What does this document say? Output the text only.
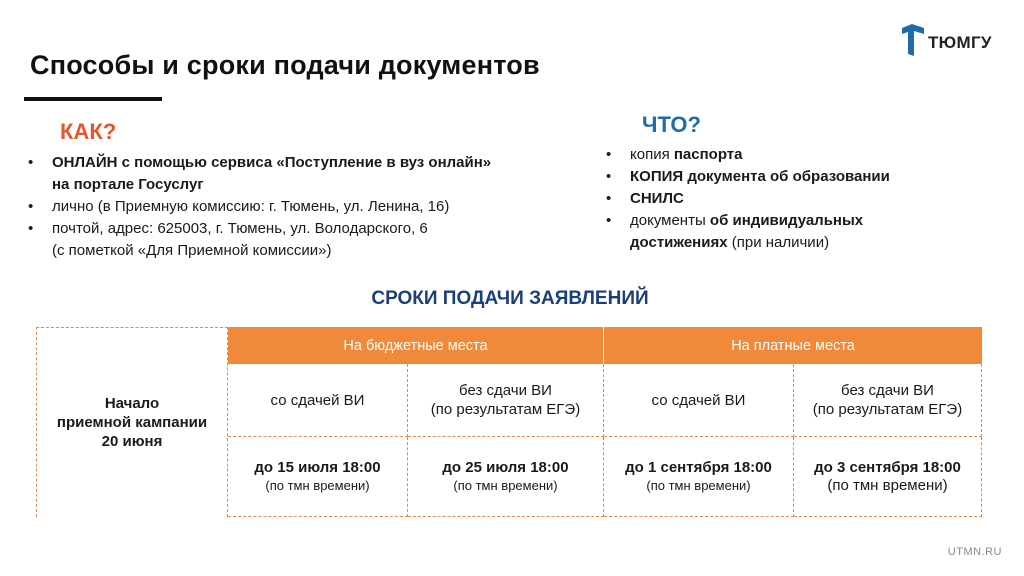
Способы и сроки подачи документов
ТЮМГУ
КАК?
• ОНЛАЙН с помощью сервиса «Поступление в вуз онлайн»
на портале Госуслуг
• лично (в Приемную комиссию: г. Тюмень, ул. Ленина, 16)
• почтой, адрес: 625003, г. Тюмень, ул. Володарского, 6
(с пометкой «Для Приемной комиссии»)
ЧТО?
• копия паспорта
• КОПИЯ документа об образовании
• СНИЛС
• документы об индивидуальных
достижениях (при наличии)
СРОКИ ПОДАЧИ ЗАЯВЛЕНИЙ
Начало
приемной кампании
20 июня
На бюджетные места	На платные места
со сдачей ВИ
без сдачи ВИ
(по результатам ЕГЭ)
со сдачей ВИ
без сдачи ВИ
(по результатам ЕГЭ)
до 15 июля 18:00
(по тмн времени)
до 25 июля 18:00
(по тмн времени)
до 1 сентября 18:00
(по тмн времени)
до 3 сентября 18:00
(по тмн времени)
UTMN.RU
